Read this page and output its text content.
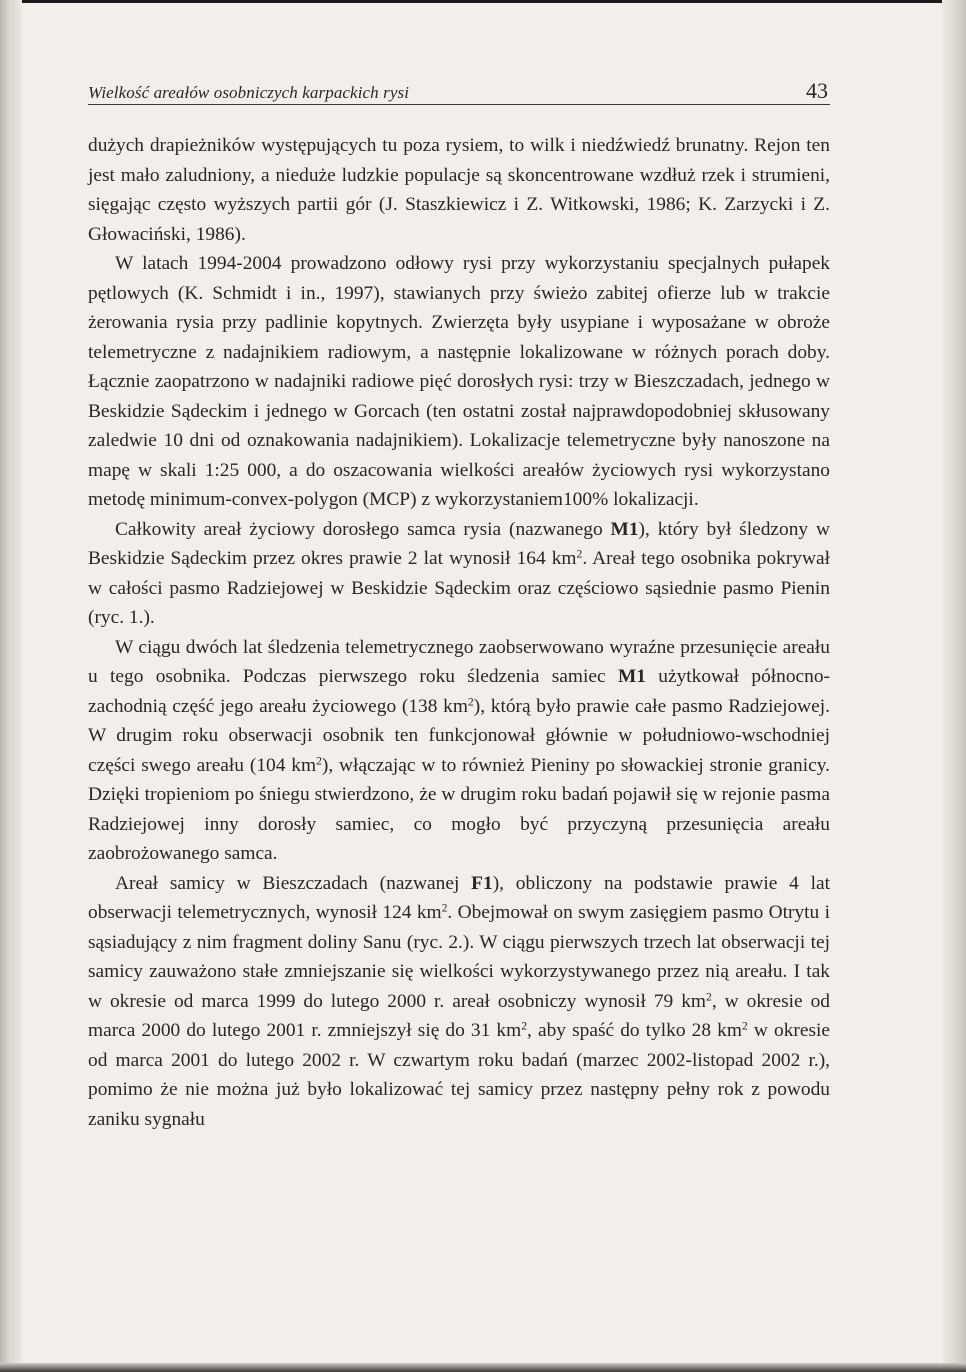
Wielkość areałów osobniczych karpackich rysi	43

dużych drapieżników występujących tu poza rysiem, to wilk i niedźwiedź brunatny. Rejon ten jest mało zaludniony, a nieduże ludzkie populacje są skoncentrowane wzdłuż rzek i strumieni, sięgając często wyższych partii gór (J. Staszkiewicz i Z. Witkowski, 1986; K. Zarzycki i Z. Głowaciński, 1986).

W latach 1994-2004 prowadzono odłowy rysi przy wykorzystaniu specjalnych pułapek pętlowych (K. Schmidt i in., 1997), stawianych przy świeżo zabitej ofierze lub w trakcie żerowania rysia przy padlinie kopytnych. Zwierzęta były usypiane i wyposażane w obroże telemetryczne z nadajnikiem radiowym, a następnie lokalizowane w różnych porach doby. Łącznie zaopatrzono w nadajniki radiowe pięć dorosłych rysi: trzy w Bieszczadach, jednego w Beskidzie Sądeckim i jednego w Gorcach (ten ostatni został najprawdopodobniej skłusowany zaledwie 10 dni od oznakowania nadajnikiem). Lokalizacje telemetryczne były nanoszone na mapę w skali 1:25 000, a do oszacowania wielkości areałów życiowych rysi wykorzystano metodę minimum-convex-polygon (MCP) z wykorzystaniem100% lokalizacji.

Całkowity areał życiowy dorosłego samca rysia (nazwanego M1), który był śledzony w Beskidzie Sądeckim przez okres prawie 2 lat wynosił 164 $km^2$. Areał tego osobnika pokrywał w całości pasmo Radziejowej w Beskidzie Sądeckim oraz częściowo sąsiednie pasmo Pienin (ryc. 1.).

W ciągu dwóch lat śledzenia telemetrycznego zaobserwowano wyraźne przesunięcie areału u tego osobnika. Podczas pierwszego roku śledzenia samiec M1 użytkował północno-zachodnią część jego areału życiowego (138 $km^2$), którą było prawie całe pasmo Radziejowej. W drugim roku obserwacji osobnik ten funkcjonował głównie w południowo-wschodniej części swego areału (104 $km^2$), włączając w to również Pieniny po słowackiej stronie granicy. Dzięki tropieniom po śniegu stwierdzono, że w drugim roku badań pojawił się w rejonie pasma Radziejowej inny dorosły samiec, co mogło być przyczyną przesunięcia areału zaobrożowanego samca.

Areał samicy w Bieszczadach (nazwanej F1), obliczony na podstawie prawie 4 lat obserwacji telemetrycznych, wynosił 124 $km^2$. Obejmował on swym zasięgiem pasmo Otrytu i sąsiadujący z nim fragment doliny Sanu (ryc. 2.). W ciągu pierwszych trzech lat obserwacji tej samicy zauważono stałe zmniejszanie się wielkości wykorzystywanego przez nią areału. I tak w okresie od marca 1999 do lutego 2000 r. areał osobniczy wynosił 79 $km^2$, w okresie od marca 2000 do lutego 2001 r. zmniejszył się do 31 $km^2$, aby spaść do tylko 28 $km^2$ w okresie od marca 2001 do lutego 2002 r. W czwartym roku badań (marzec 2002-listopad 2002 r.), pomimo że nie można już było lokalizować tej samicy przez następny pełny rok z powodu zaniku sygnału
